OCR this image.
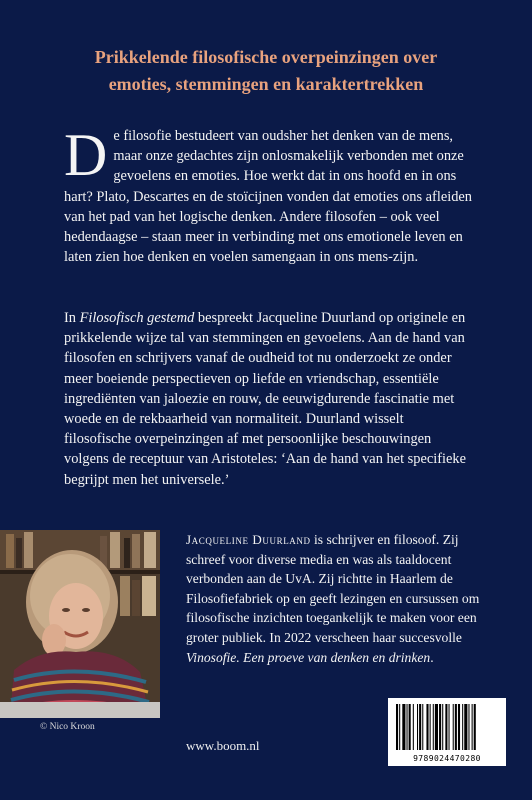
Prikkelende filosofische overpeinzingen over
emoties, stemmingen en karaktertrekken
De filosofie bestudeert van oudsher het denken van de mens, maar onze gedachtes zijn onlosmakelijk verbonden met onze gevoelens en emoties. Hoe werkt dat in ons hoofd en in ons hart? Plato, Descartes en de stoïcijnen vonden dat emoties ons afleiden van het pad van het logische denken. Andere filosofen – ook veel hedendaagse – staan meer in verbinding met ons emotionele leven en laten zien hoe denken en voelen samengaan in ons mens-zijn.
In Filosofisch gestemd bespreekt Jacqueline Duurland op originele en prikkelende wijze tal van stemmingen en gevoelens. Aan de hand van filosofen en schrijvers vanaf de oudheid tot nu onderzoekt ze onder meer boeiende perspectieven op liefde en vriendschap, essentiële ingrediënten van jaloezie en rouw, de eeuwigdurende fascinatie met woede en de rekbaarheid van normaliteit. Duurland wisselt filosofische overpeinzingen af met persoonlijke beschouwingen volgens de receptuur van Aristoteles: ‘Aan de hand van het specifieke begrijpt men het universele.’
© Nico Kroon
Jacqueline Duurland is schrijver en filosoof. Zij schreef voor diverse media en was als taaldocent verbonden aan de UvA. Zij richtte in Haarlem de Filosofiefabriek op en geeft lezingen en cursussen om filosofische inzichten toegankelijk te maken voor een groter publiek. In 2022 verscheen haar succesvolle Vinosofie. Een proeve van denken en drinken.
www.boom.nl
9789024470280
